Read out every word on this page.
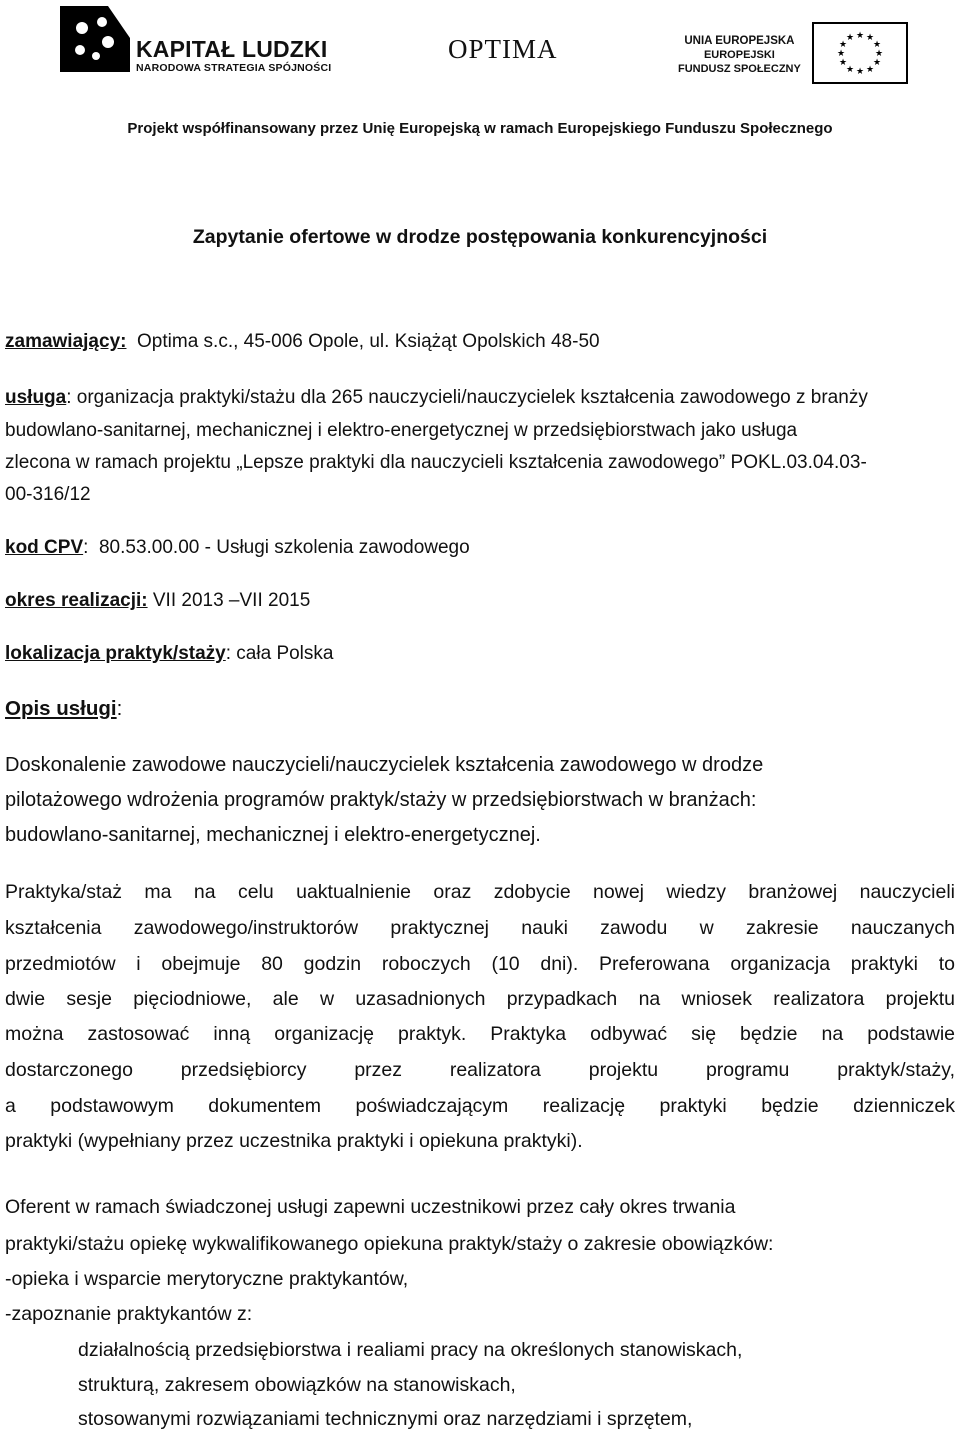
KAPITAŁ LUDZKI
NARODOWA STRATEGIA SPÓJNOŚCI
OPTIMA	UNIA EUROPEJSKA
EUROPEJSKI
FUNDUSZ SPOŁECZNY
★ ★
★
★
★
★
★
★
★
★
★
★
Projekt współfinansowany przez Unię Europejską w ramach Europejskiego Funduszu Społecznego
Zapytanie ofertowe w drodze postępowania konkurencyjności
zamawiający:  Optima s.c., 45-006 Opole, ul. Książąt Opolskich 48-50
usługa: organizacja praktyki/stażu dla 265 nauczycieli/nauczycielek kształcenia zawodowego z branży
budowlano-sanitarnej, mechanicznej i elektro-energetycznej w przedsiębiorstwach jako usługa
zlecona w ramach projektu „Lepsze praktyki dla nauczycieli kształcenia zawodowego” POKL.03.04.03-
00-316/12
kod CPV:  80.53.00.00 - Usługi szkolenia zawodowego
okres realizacji: VII 2013 –VII 2015
lokalizacja praktyk/staży: cała Polska
Opis usługi:
Doskonalenie zawodowe nauczycieli/nauczycielek kształcenia zawodowego w drodze
pilotażowego wdrożenia programów praktyk/staży w przedsiębiorstwach w branżach:
budowlano-sanitarnej, mechanicznej i elektro-energetycznej.
Praktyka/staż ma na celu uaktualnienie oraz zdobycie nowej wiedzy branżowej nauczycieli
kształcenia zawodowego/instruktorów praktycznej nauki zawodu w zakresie nauczanych
przedmiotów i obejmuje 80 godzin roboczych (10 dni). Preferowana organizacja praktyki to
dwie sesje pięciodniowe, ale w uzasadnionych przypadkach na wniosek realizatora projektu
można zastosować inną organizację praktyk. Praktyka odbywać się będzie na podstawie
dostarczonego przedsiębiorcy przez realizatora projektu programu praktyk/staży,
a podstawowym dokumentem poświadczającym realizację praktyki będzie dzienniczek
praktyki (wypełniany przez uczestnika praktyki i opiekuna praktyki).
Oferent w ramach świadczonej usługi zapewni uczestnikowi przez cały okres trwania
praktyki/stażu opiekę wykwalifikowanego opiekuna praktyk/staży o zakresie obowiązków:
-opieka i wsparcie merytoryczne praktykantów,
-zapoznanie praktykantów z:
działalnością przedsiębiorstwa i realiami pracy na określonych stanowiskach,
strukturą, zakresem obowiązków na stanowiskach,
stosowanymi rozwiązaniami technicznymi oraz narzędziami i sprzętem,
